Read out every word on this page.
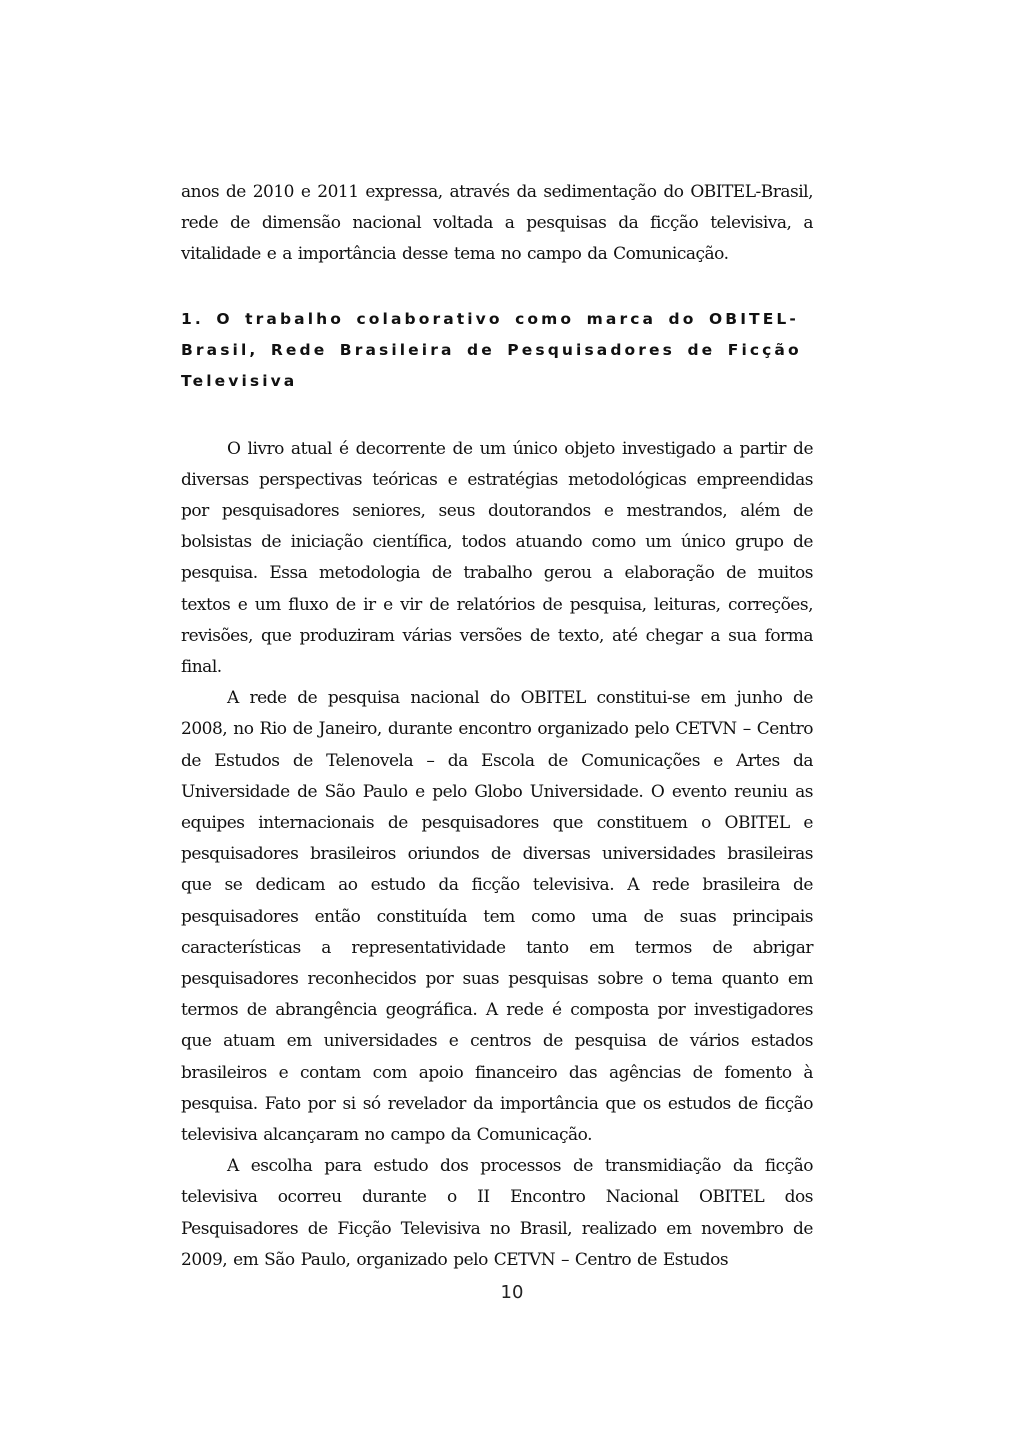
anos de 2010 e 2011 expressa, através da sedimentação do OBITEL-Brasil, rede de dimensão nacional voltada a pesquisas da ficção televisiva, a vitalidade e a importância desse tema no campo da Comunicação.

1. O trabalho colaborativo como marca do OBITEL-Brasil, Rede Brasileira de Pesquisadores de Ficção Televisiva

O livro atual é decorrente de um único objeto investigado a partir de diversas perspectivas teóricas e estratégias metodológicas empreendidas por pesquisadores seniores, seus doutorandos e mestrandos, além de bolsistas de iniciação científica, todos atuando como um único grupo de pesquisa. Essa metodologia de trabalho gerou a elaboração de muitos textos e um fluxo de ir e vir de relatórios de pesquisa, leituras, correções, revisões, que produziram várias versões de texto, até chegar a sua forma final.

A rede de pesquisa nacional do OBITEL constitui-se em junho de 2008, no Rio de Janeiro, durante encontro organizado pelo CETVN – Centro de Estudos de Telenovela – da Escola de Comunicações e Artes da Universidade de São Paulo e pelo Globo Universidade. O evento reuniu as equipes internacionais de pesquisadores que constituem o OBITEL e pesquisadores brasileiros oriundos de diversas universidades brasileiras que se dedicam ao estudo da ficção televisiva. A rede brasileira de pesquisadores então constituída tem como uma de suas principais características a representatividade tanto em termos de abrigar pesquisadores reconhecidos por suas pesquisas sobre o tema quanto em termos de abrangência geográfica. A rede é composta por investigadores que atuam em universidades e centros de pesquisa de vários estados brasileiros e contam com apoio financeiro das agências de fomento à pesquisa. Fato por si só revelador da importância que os estudos de ficção televisiva alcançaram no campo da Comunicação.

A escolha para estudo dos processos de transmidiação da ficção televisiva ocorreu durante o II Encontro Nacional OBITEL dos Pesquisadores de Ficção Televisiva no Brasil, realizado em novembro de 2009, em São Paulo, organizado pelo CETVN – Centro de Estudos

10
